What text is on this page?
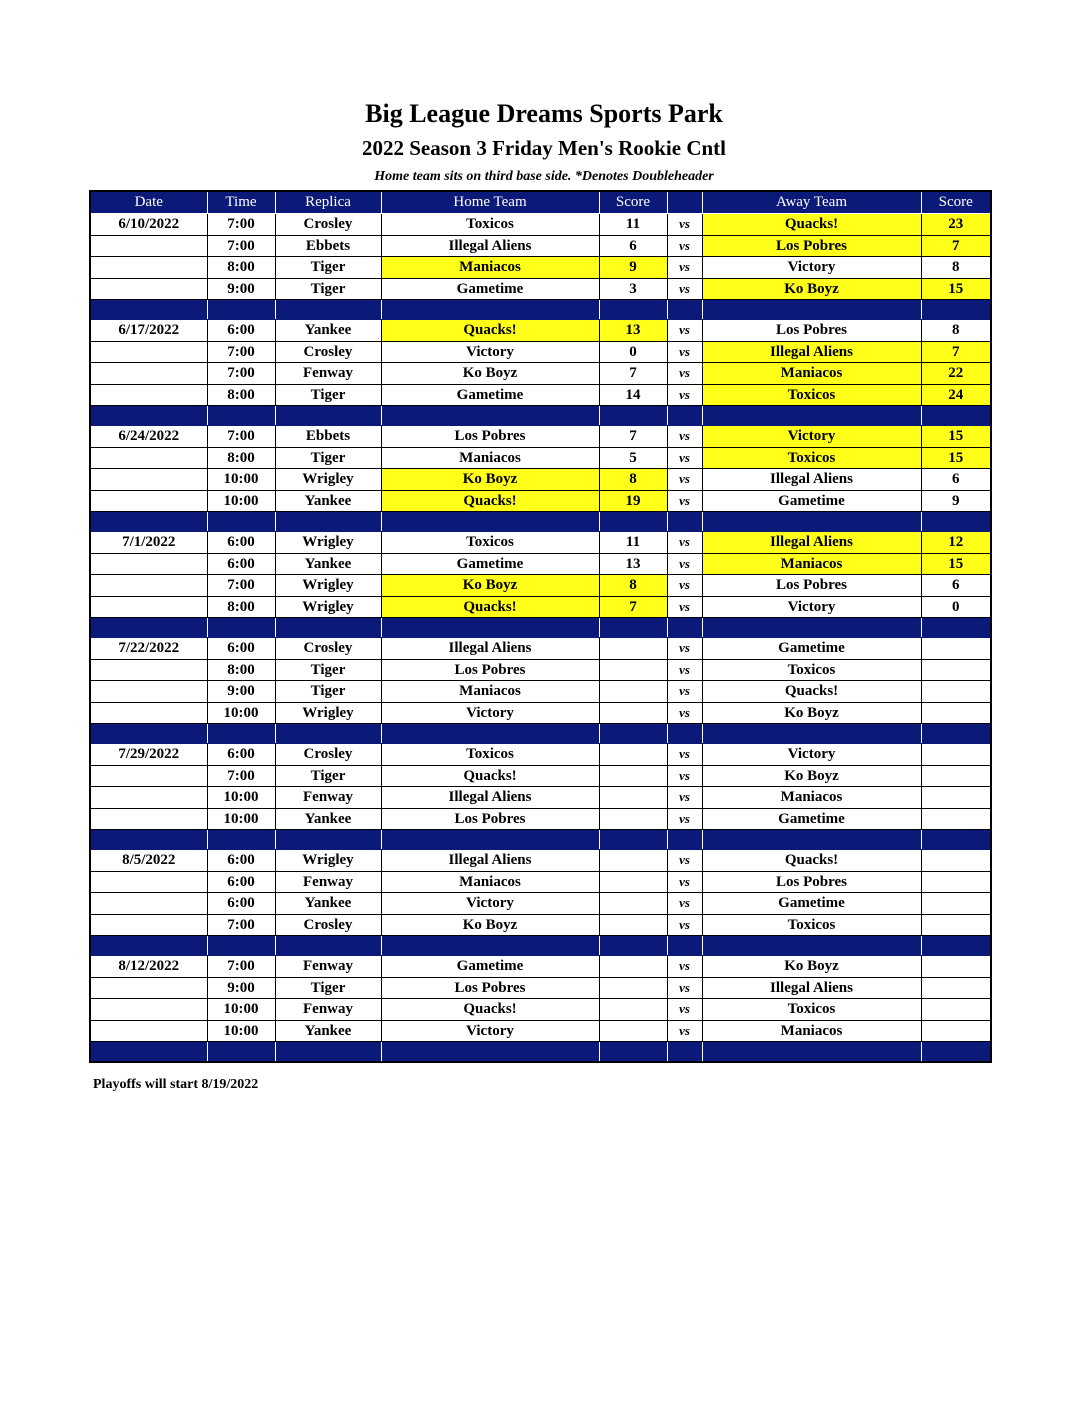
Big League Dreams Sports Park
2022 Season 3 Friday Men's Rookie Cntl
Home team sits on third base side. *Denotes Doubleheader
Date	Time	Replica	Home Team	Score		Away Team	Score
6/10/2022	7:00	Crosley	Toxicos	11	vs	Quacks!	23
	7:00	Ebbets	Illegal Aliens	6	vs	Los Pobres	7
	8:00	Tiger	Maniacos	9	vs	Victory	8
	9:00	Tiger	Gametime	3	vs	Ko Boyz	15

6/17/2022	6:00	Yankee	Quacks!	13	vs	Los Pobres	8
	7:00	Crosley	Victory	0	vs	Illegal Aliens	7
	7:00	Fenway	Ko Boyz	7	vs	Maniacos	22
	8:00	Tiger	Gametime	14	vs	Toxicos	24

6/24/2022	7:00	Ebbets	Los Pobres	7	vs	Victory	15
	8:00	Tiger	Maniacos	5	vs	Toxicos	15
	10:00	Wrigley	Ko Boyz	8	vs	Illegal Aliens	6
	10:00	Yankee	Quacks!	19	vs	Gametime	9

7/1/2022	6:00	Wrigley	Toxicos	11	vs	Illegal Aliens	12
	6:00	Yankee	Gametime	13	vs	Maniacos	15
	7:00	Wrigley	Ko Boyz	8	vs	Los Pobres	6
	8:00	Wrigley	Quacks!	7	vs	Victory	0

7/22/2022	6:00	Crosley	Illegal Aliens		vs	Gametime	
	8:00	Tiger	Los Pobres		vs	Toxicos	
	9:00	Tiger	Maniacos		vs	Quacks!	
	10:00	Wrigley	Victory		vs	Ko Boyz	

7/29/2022	6:00	Crosley	Toxicos		vs	Victory	
	7:00	Tiger	Quacks!		vs	Ko Boyz	
	10:00	Fenway	Illegal Aliens		vs	Maniacos	
	10:00	Yankee	Los Pobres		vs	Gametime	

8/5/2022	6:00	Wrigley	Illegal Aliens		vs	Quacks!	
	6:00	Fenway	Maniacos		vs	Los Pobres	
	6:00	Yankee	Victory		vs	Gametime	
	7:00	Crosley	Ko Boyz		vs	Toxicos	

8/12/2022	7:00	Fenway	Gametime		vs	Ko Boyz	
	9:00	Tiger	Los Pobres		vs	Illegal Aliens	
	10:00	Fenway	Quacks!		vs	Toxicos	
	10:00	Yankee	Victory		vs	Maniacos	

Playoffs will start 8/19/2022
